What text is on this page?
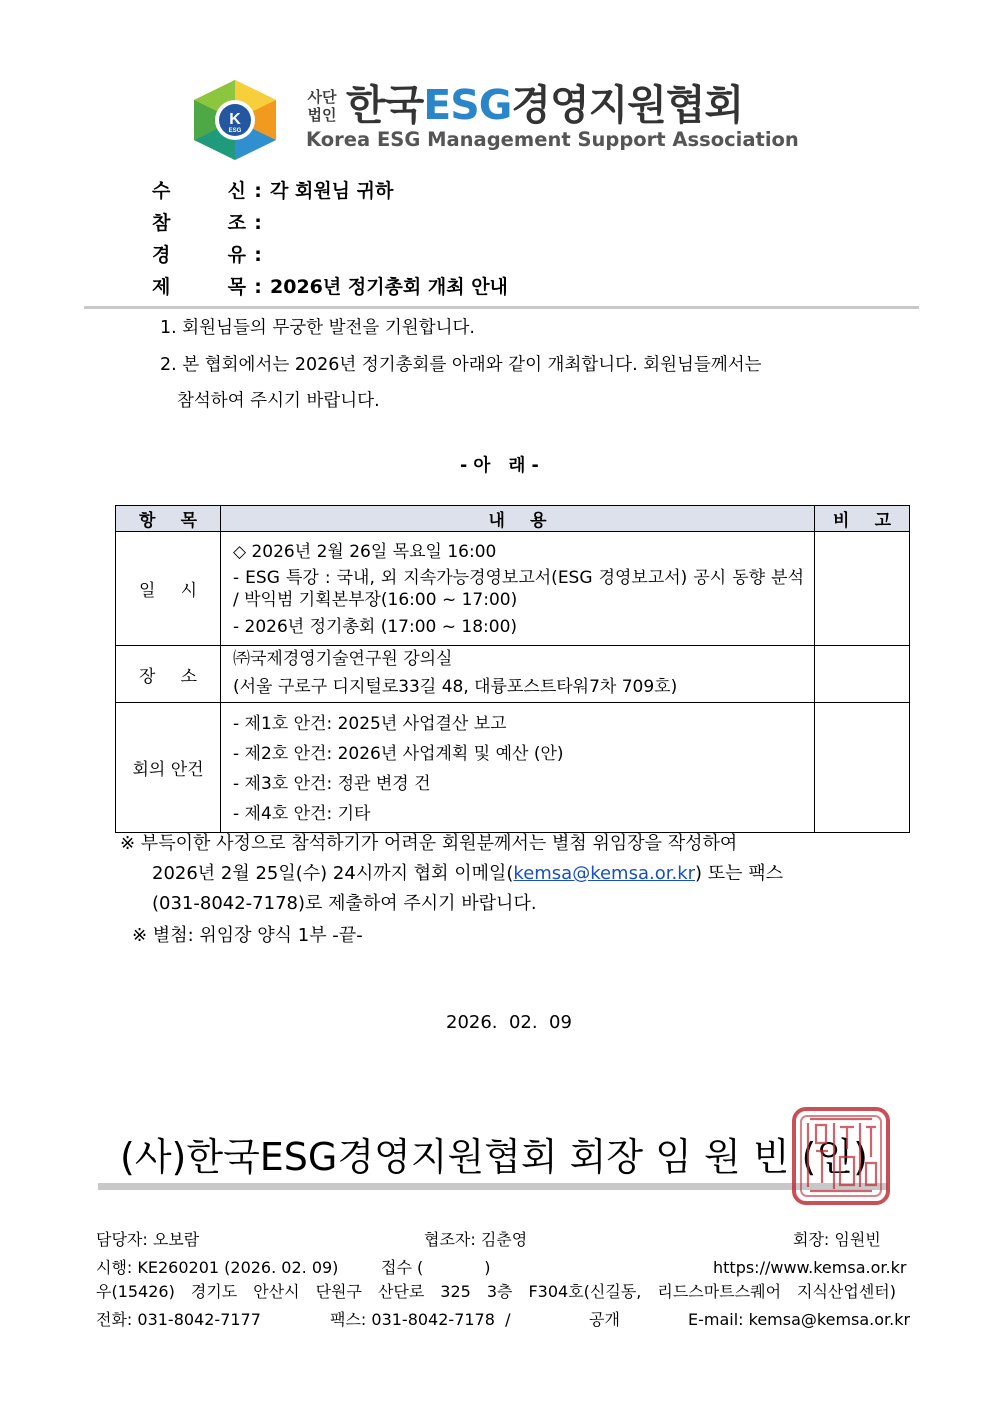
K
ESG
사단
법인 한국ESG경영지원협회
Korea ESG Management Support Association
수 신 : 각 회원님 귀하
참 조 :
경 유 :
제 목 : 2026년 정기총회 개최 안내
1. 회원님들의 무궁한 발전을 기원합니다.
2. 본 협회에서는 2026년 정기총회를 아래와 같이 개최합니다. 회원님들께서는
참석하여 주시기 바랍니다.
- 아   래 -
항 목	내 용	비 고
일 시	◇ 2026년 2월 26일 목요일 16:00
- ESG 특강 : 국내, 외 지속가능경영보고서(ESG 경영보고서) 공시 동향 분석 / 박익범 기획본부장(16:00 ~ 17:00)
- 2026년 정기총회 (17:00 ~ 18:00)	

장 소	㈜국제경영기술연구원 강의실
(서울 구로구 디지털로33길 48, 대륭포스트타워7차 709호)	

회의 안건	- 제1호 안건: 2025년 사업결산 보고
- 제2호 안건: 2026년 사업계획 및 예산 (안)
- 제3호 안건: 정관 변경 건
- 제4호 안건: 기타	

※ 부득이한 사정으로 참석하기가 어려운 회원분께서는 별첨 위임장을 작성하여
2026년 2월 25일(수) 24시까지 협회 이메일(kemsa@kemsa.or.kr) 또는 팩스
(031-8042-7178)로 제출하여 주시기 바랍니다.
※ 별첨: 위임장 양식 1부 -끝-
2026.  02.  09
(사)한국ESG경영지원협회 회장 임 원 빈 (인)
담당자: 오보람	협조자: 김춘영	회장: 임원빈
시행: KE260201 (2026. 02. 09)	접수 (            )	https://www.kemsa.or.kr
우(15426) 경기도 안산시 단원구 산단로 325 3층 F304호(신길동, 리드스마트스퀘어 지식산업센터)
전화: 031-8042-7177	팩스: 031-8042-7178  /	공개	E-mail: kemsa@kemsa.or.kr
